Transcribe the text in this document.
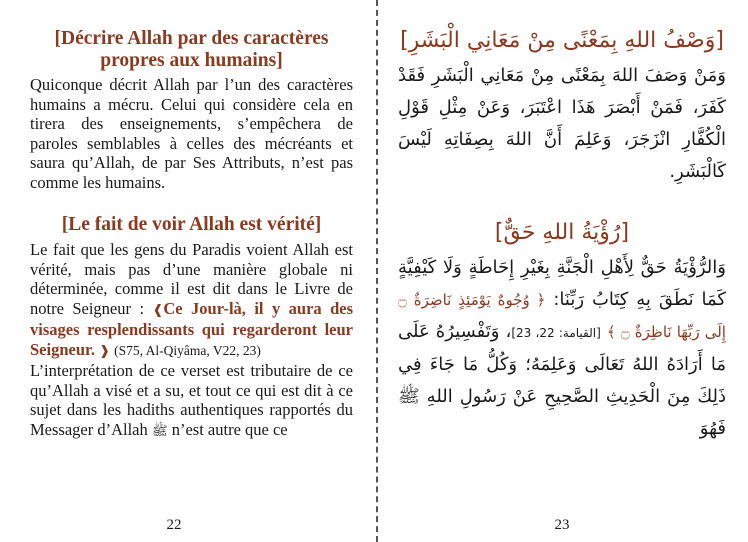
[Décrire Allah par des caractères propres aux humains]

Quiconque décrit Allah par l’un des caractères humains a mécru. Celui qui considère cela en tirera des enseignements, s’empêchera de paroles semblables à celles des mécréants et saura qu’Allah, de par Ses Attributs, n’est pas comme les humains.

[Le fait de voir Allah est vérité]

Le fait que les gens du Paradis voient Allah est vérité, mais pas d’une manière globale ni déterminée, comme il est dit dans le Livre de notre Seigneur : ❰Ce Jour-là, il y aura des visages resplendissants qui regarderont leur Seigneur. ❱ (S75, Al-Qiyâma, V22, 23)

L’interprétation de ce verset est tributaire de ce qu’Allah a visé et a su, et tout ce qui est dit à ce sujet dans les hadiths authentiques rapportés du Messager d’Allah ﷺ n’est autre que ce

22

[وَصْفُ اللهِ بِمَعْنًى مِنْ مَعَانِي الْبَشَرِ]

وَمَنْ وَصَفَ اللهَ بِمَعْنًى مِنْ مَعَانِي الْبَشَرِ فَقَدْ كَفَرَ، فَمَنْ أَبْصَرَ هَذَا اعْتَبَرَ، وَعَنْ مِثْلِ قَوْلِ الْكُفَّارِ انْزَجَرَ، وَعَلِمَ أَنَّ اللهَ بِصِفَاتِهِ لَيْسَ كَالْبَشَرِ.

[رُؤْيَةُ اللهِ حَقٌّ]

وَالرُّؤْيَةُ حَقٌّ لِأَهْلِ الْجَنَّةِ بِغَيْرِ إِحَاطَةٍ وَلَا كَيْفِيَّةٍ كَمَا نَطَقَ بِهِ كِتَابُ رَبِّنَا: ﴿ وُجُوهٌ يَوْمَئِذٍ نَاضِرَةٌ ۝ إِلَى رَبِّهَا نَاظِرَةٌ ۝ ﴾ [القيامة: 22، 23]، وَتَفْسِيرُهُ عَلَى مَا أَرَادَهُ اللهُ تَعَالَى وَعَلِمَهُ؛ وَكُلُّ مَا جَاءَ فِي ذَلِكَ مِنَ الْحَدِيثِ الصَّحِيحِ عَنْ رَسُولِ اللهِ ﷺ فَهُوَ

23
